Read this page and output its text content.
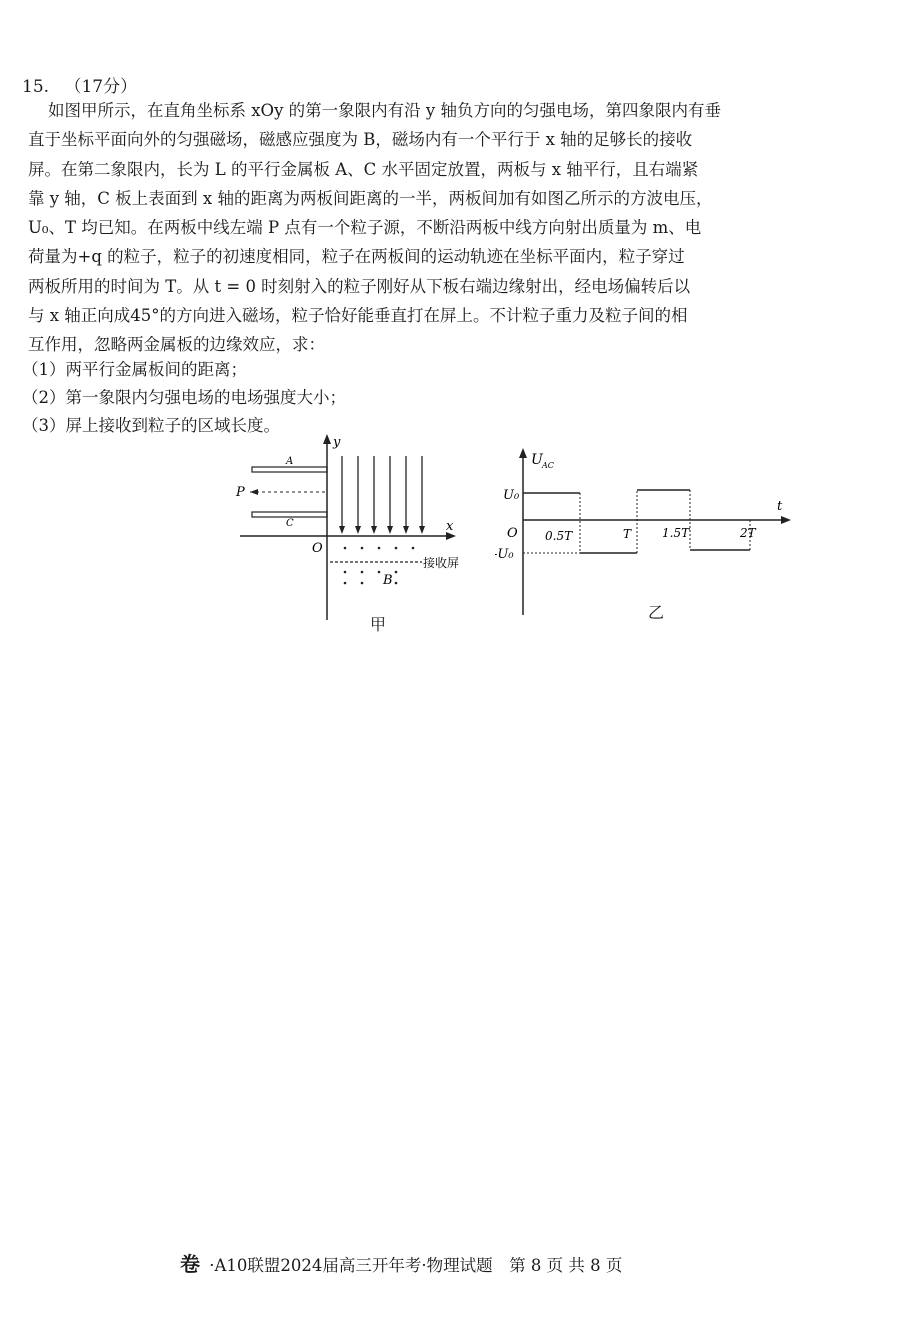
15. （17分）
如图甲所示，在直角坐标系 xOy 的第一象限内有沿 y 轴负方向的匀强电场，第四象限内有垂
直于坐标平面向外的匀强磁场，磁感应强度为 B，磁场内有一个平行于 x 轴的足够长的接收
屏。在第二象限内，长为 L 的平行金属板 A、C 水平固定放置，两板与 x 轴平行，且右端紧
靠 y 轴，C 板上表面到 x 轴的距离为两板间距离的一半，两板间加有如图乙所示的方波电压，
U₀、T 均已知。在两板中线左端 P 点有一个粒子源，不断沿两板中线方向射出质量为 m、电
荷量为+q 的粒子，粒子的初速度相同，粒子在两板间的运动轨迹在坐标平面内，粒子穿过
两板所用的时间为 T。从 t = 0 时刻射入的粒子刚好从下板右端边缘射出，经电场偏转后以
与 x 轴正向成45°的方向进入磁场，粒子恰好能垂直打在屏上。不计粒子重力及粒子间的相
互作用，忽略两金属板的边缘效应，求：
（1）两平行金属板间的距离；
（2）第一象限内匀强电场的电场强度大小；
（3）屏上接收到粒子的区域长度。
y
x
O
A
C
P
接收屏
B
甲
U AC
t
O
U₀
-U₀
0.5T	T	1.5T	2T
乙
卷 ·A10联盟2024届高三开年考·物理试题　第 8 页 共 8 页
